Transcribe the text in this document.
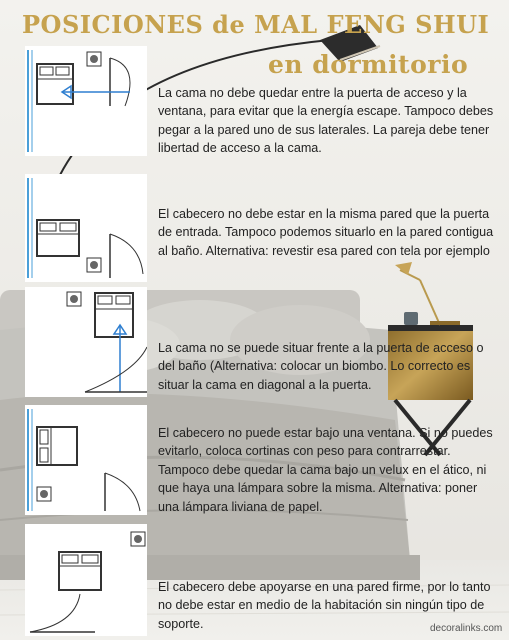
POSICIONES de MAL FENG SHUI
en dormitorio
La cama no debe quedar entre la puerta de acceso y la ventana, para evitar que la energía escape. Tampoco debes pegar a la pared uno de sus laterales. La pareja debe tener libertad de acceso a la cama.
El cabecero no debe estar en la misma pared que la puerta de entrada. Tampoco podemos situarlo en la pared contigua al baño. Alternativa: revestir esa pared con tela por ejemplo
La cama no se puede situar frente a la puerta de acceso o del baño (Alternativa: colocar un biombo. Lo correcto es situar la cama en diagonal a la puerta.
El cabecero no puede estar bajo una ventana. Si no puedes evitarlo, coloca cortinas con peso para contrarrestar. Tampoco debe quedar la cama bajo un velux en el ático, ni que haya una lámpara sobre la misma. Alternativa: poner una lámpara liviana de papel.
El cabecero debe apoyarse en una pared firme, por lo tanto no debe estar en medio de la habitación sin ningún tipo de soporte.	decoralinks.com
